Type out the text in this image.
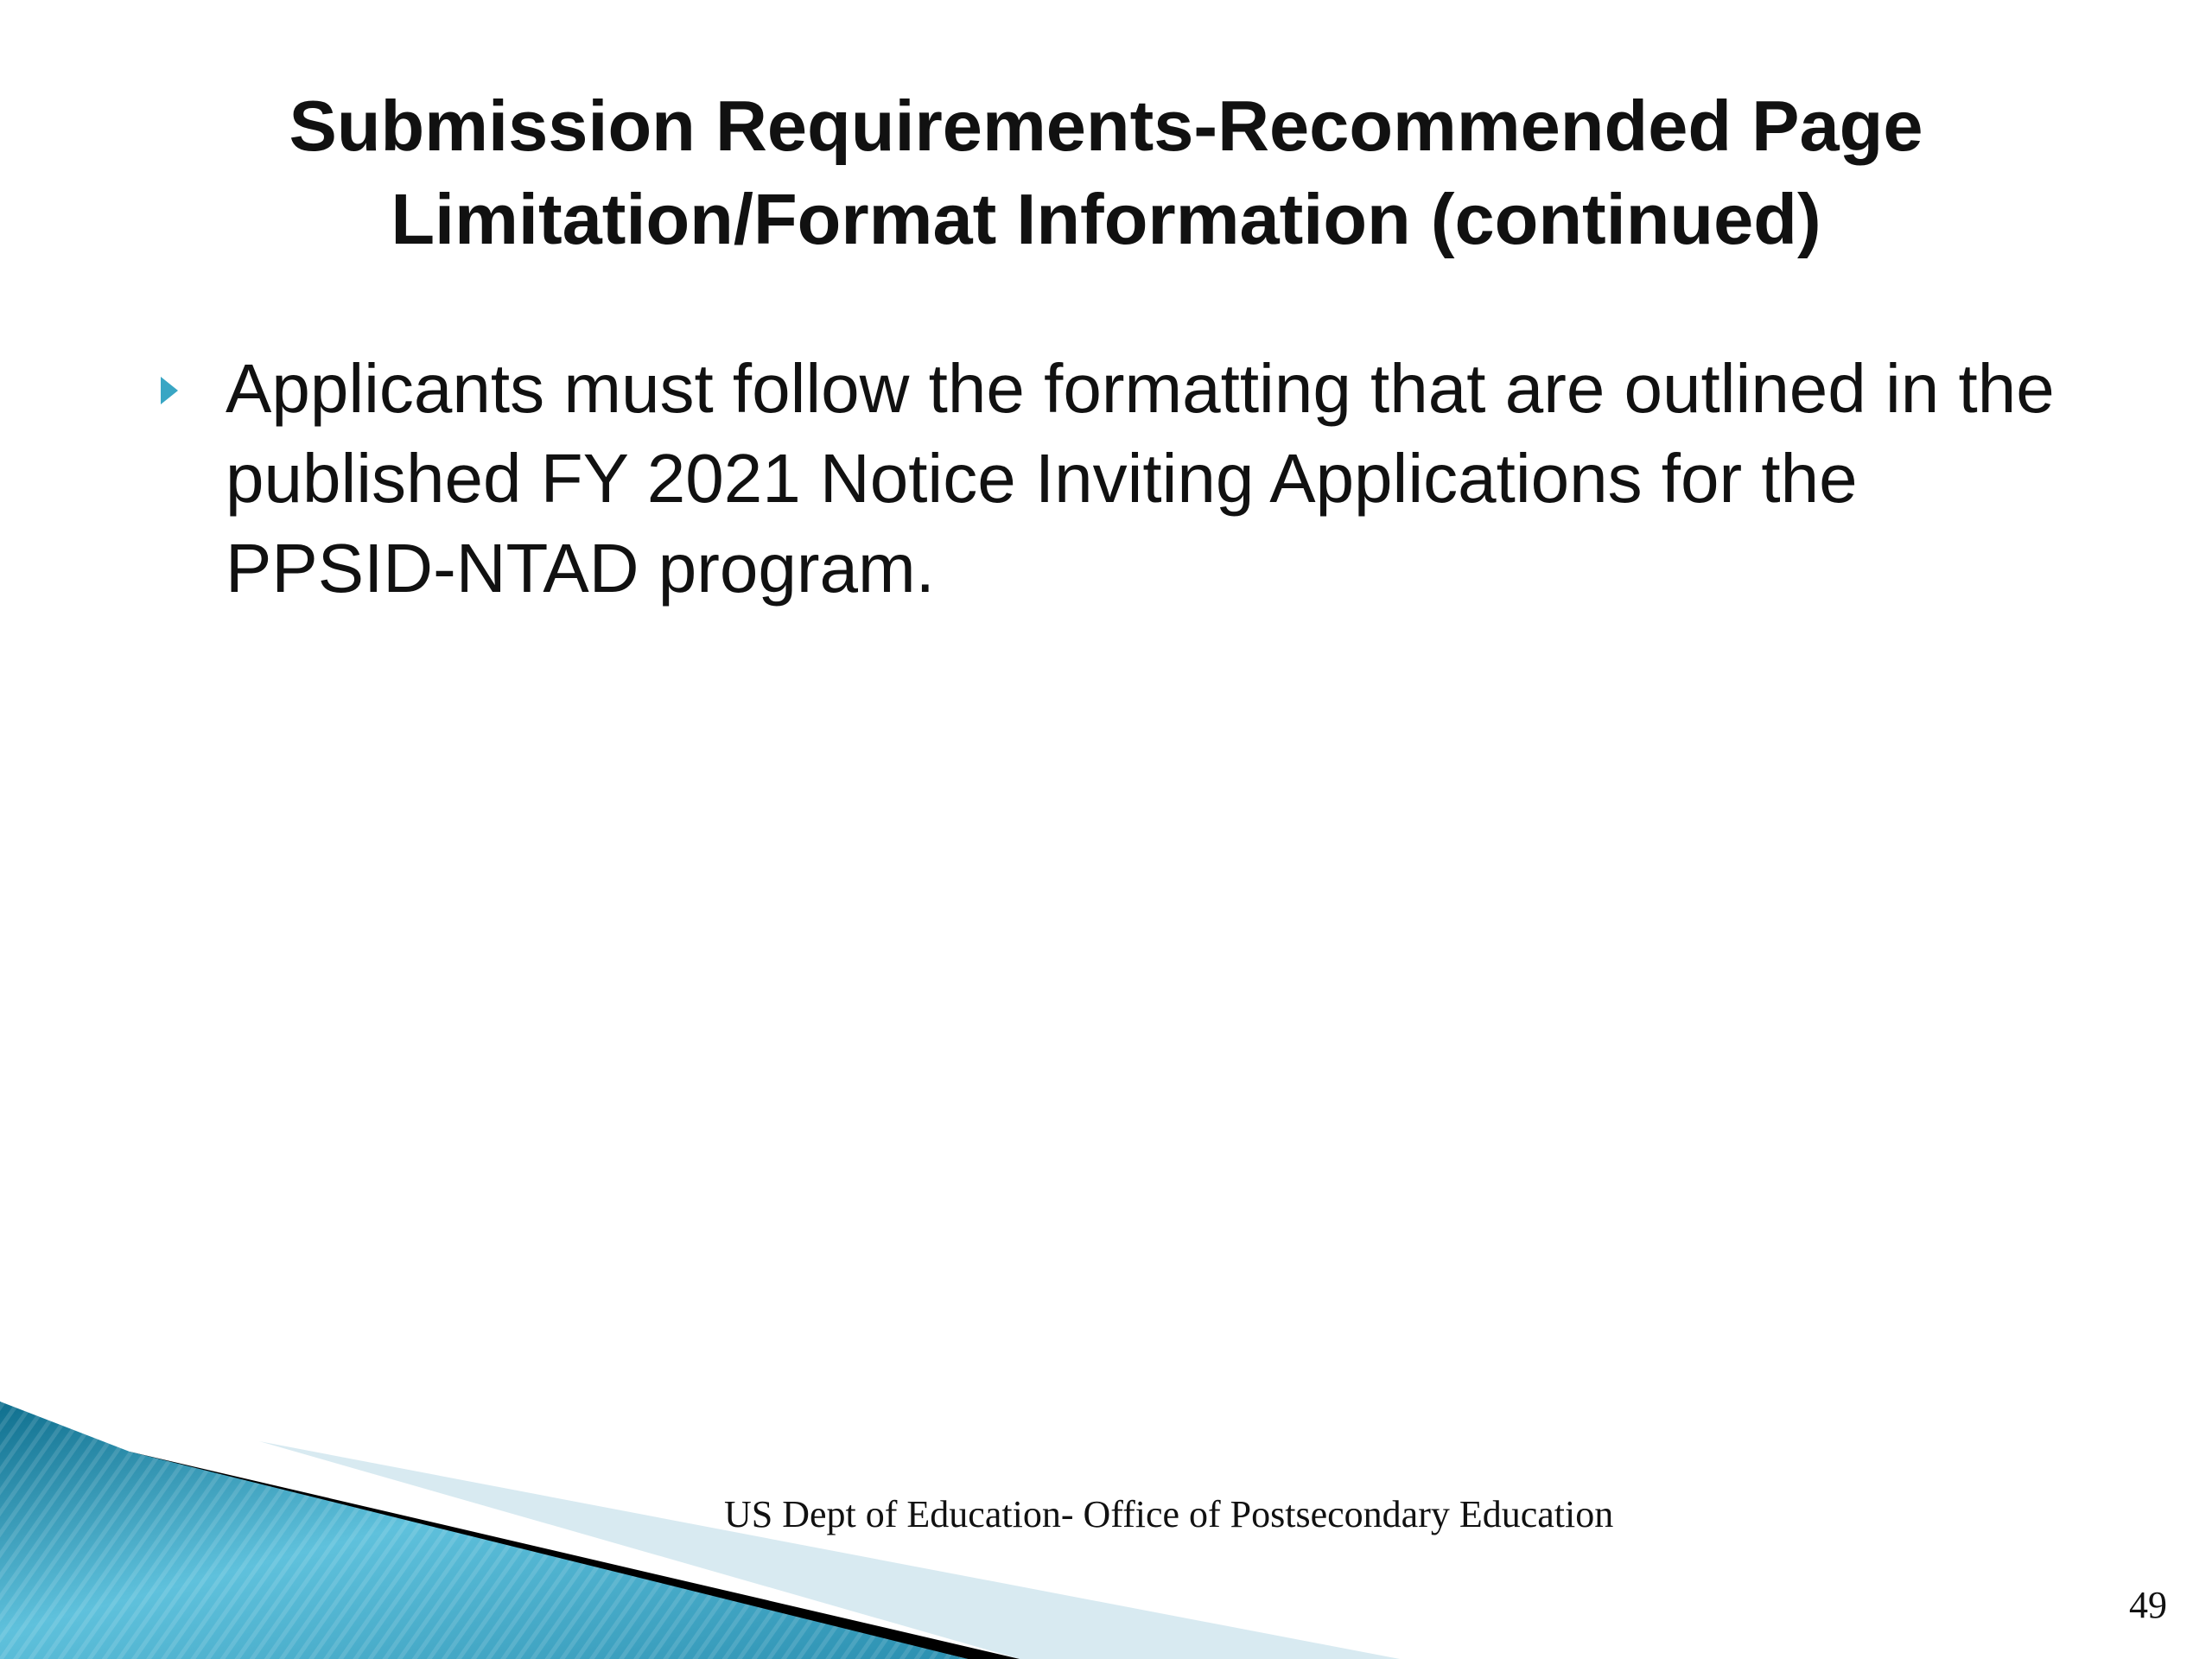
Submission Requirements-Recommended Page Limitation/Format Information (continued)
Applicants must follow the formatting that are outlined in the published FY 2021 Notice Inviting Applications for the PPSID-NTAD program.
US Dept of Education- Office of Postsecondary Education
49
